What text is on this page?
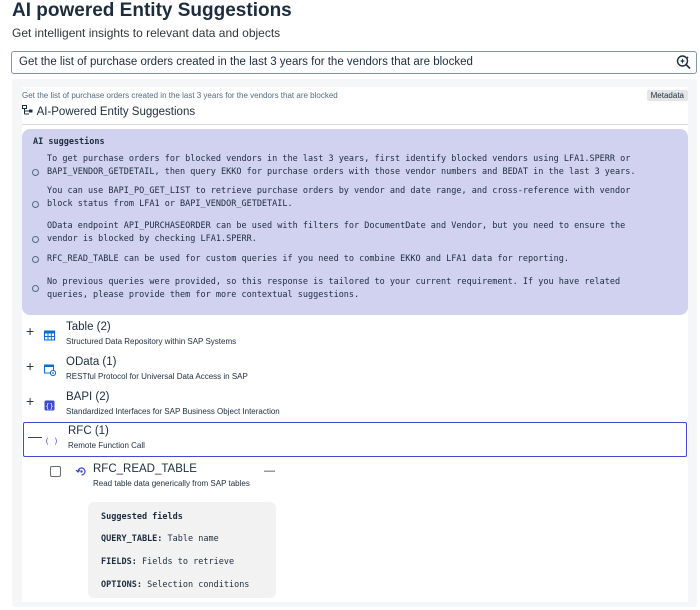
AI powered Entity Suggestions
Get intelligent insights to relevant data and objects
Get the list of purchase orders created in the last 3 years for the vendors that are blocked
Get the list of purchase orders created in the last 3 years for the vendors that are blocked	Metadata
AI-Powered Entity Suggestions
AI suggestions
To get purchase orders for blocked vendors in the last 3 years, first identify blocked vendors using LFA1.SPERR or
BAPI_VENDOR_GETDETAIL, then query EKKO for purchase orders with those vendor numbers and BEDAT in the last 3 years.
You can use BAPI_PO_GET_LIST to retrieve purchase orders by vendor and date range, and cross-reference with vendor
block status from LFA1 or BAPI_VENDOR_GETDETAIL.
OData endpoint API_PURCHASEORDER can be used with filters for DocumentDate and Vendor, but you need to ensure the
vendor is blocked by checking LFA1.SPERR.
RFC_READ_TABLE can be used for custom queries if you need to combine EKKO and LFA1 data for reporting.
No previous queries were provided, so this response is tailored to your current requirement. If you have related
queries, please provide them for more contextual suggestions.
+	Table (2)
Structured Data Repository within SAP Systems
+	OData (1)
RESTful Protocol for Universal Data Access in SAP
+ {}
BAPI (2)
Standardized Interfaces for SAP Business Object Interaction
— ( )
RFC (1)
Remote Function Call
RFC_READ_TABLE
Read table data generically from SAP tables
—
Suggested fields
QUERY_TABLE: Table name
FIELDS: Fields to retrieve
OPTIONS: Selection conditions
